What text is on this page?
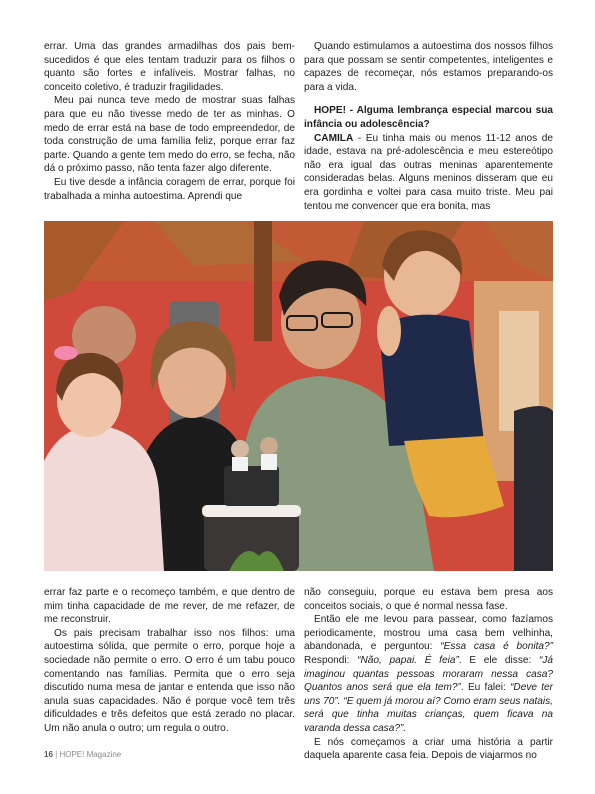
errar. Uma das grandes armadilhas dos pais bem-sucedidos é que eles tentam traduzir para os filhos o quanto são fortes e infalíveis. Mostrar falhas, no conceito coletivo, é traduzir fragilidades.

Meu pai nunca teve medo de mostrar suas falhas para que eu não tivesse medo de ter as minhas. O medo de errar está na base de todo empreendedor, de toda construção de uma família feliz, porque errar faz parte. Quando a gente tem medo do erro, se fecha, não dá o próximo passo, não tenta fazer algo diferente.

Eu tive desde a infância coragem de errar, porque foi trabalhada a minha autoestima. Aprendi que

Quando estimulamos a autoestima dos nossos filhos para que possam se sentir competentes, inteligentes e capazes de recomeçar, nós estamos preparando-os para a vida.

HOPE! - Alguma lembrança especial marcou sua infância ou adolescência?

CAMILA - Eu tinha mais ou menos 11-12 anos de idade, estava na pré-adolescência e meu estereótipo não era igual das outras meninas aparentemente consideradas belas. Alguns meninos disseram que eu era gordinha e voltei para casa muito triste. Meu pai tentou me convencer que era bonita, mas

errar faz parte e o recomeço também, e que dentro de mim tinha capacidade de me rever, de me refazer, de me reconstruir.

Os pais precisam trabalhar isso nos filhos: uma autoestima sólida, que permite o erro, porque hoje a sociedade não permite o erro. O erro é um tabu pouco comentando nas famílias. Permita que o erro seja discutido numa mesa de jantar e entenda que isso não anula suas capacidades. Não é porque você tem três dificuldades e três defeitos que está zerado no placar. Um não anula o outro; um regula o outro.

não conseguiu, porque eu estava bem presa aos conceitos sociais, o que é normal nessa fase.

Então ele me levou para passear, como fazíamos periodicamente, mostrou uma casa bem velhinha, abandonada, e perguntou: “Essa casa é bonita?” Respondi: “Não, papai. É feia”. E ele disse: “Já imaginou quantas pessoas moraram nessa casa? Quantos anos será que ela tem?”. Eu falei: “Deve ter uns 70”. “E quem já morou aí? Como eram seus natais, será que tinha muitas crianças, quem ficava na varanda dessa casa?”.

E nós começamos a criar uma história a partir daquela aparente casa feia. Depois de viajarmos no

16 | HOPE! Magazine
